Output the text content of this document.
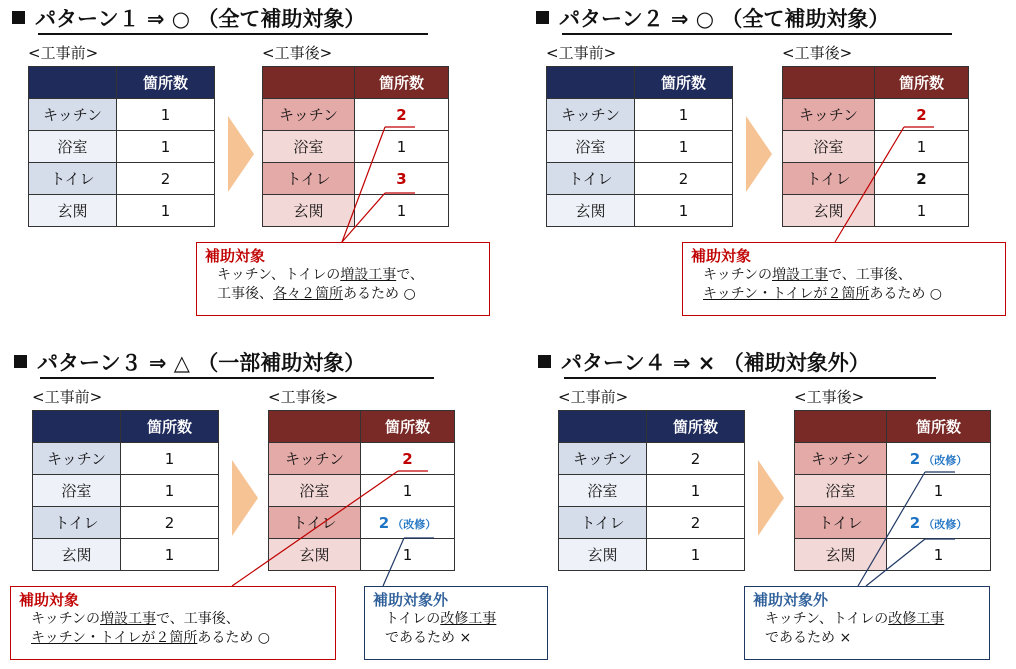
パターン１ ⇒ ○ （全て補助対象）
<工事前>	<工事後>
	箇所数
キッチン	1
浴室	1
トイレ	2
玄関	1
	箇所数
キッチン	2
浴室	1
トイレ	3
玄関	1
補助対象
キッチン、トイレの増設工事で、
工事後、各々２箇所あるため ○
パターン２ ⇒ ○ （全て補助対象）
<工事前>	<工事後>
	箇所数
キッチン	1
浴室	1
トイレ	2
玄関	1
	箇所数
キッチン	2
浴室	1
トイレ	2
玄関	1
補助対象
キッチンの増設工事で、工事後、
キッチン・トイレが２箇所あるため ○
パターン３ ⇒ △ （一部補助対象）
<工事前>	<工事後>
	箇所数
キッチン	1
浴室	1
トイレ	2
玄関	1
	箇所数
キッチン	2
浴室	1
トイレ	2 （改修）
玄関	1
補助対象
キッチンの増設工事で、工事後、
キッチン・トイレが２箇所あるため ○
補助対象外
トイレの改修工事
であるため ×
パターン４ ⇒ × （補助対象外）
<工事前>	<工事後>
	箇所数
キッチン	2
浴室	1
トイレ	2
玄関	1
	箇所数
キッチン	2 （改修）
浴室	1
トイレ	2 （改修）
玄関	1
補助対象外
キッチン、トイレの改修工事
であるため ×
